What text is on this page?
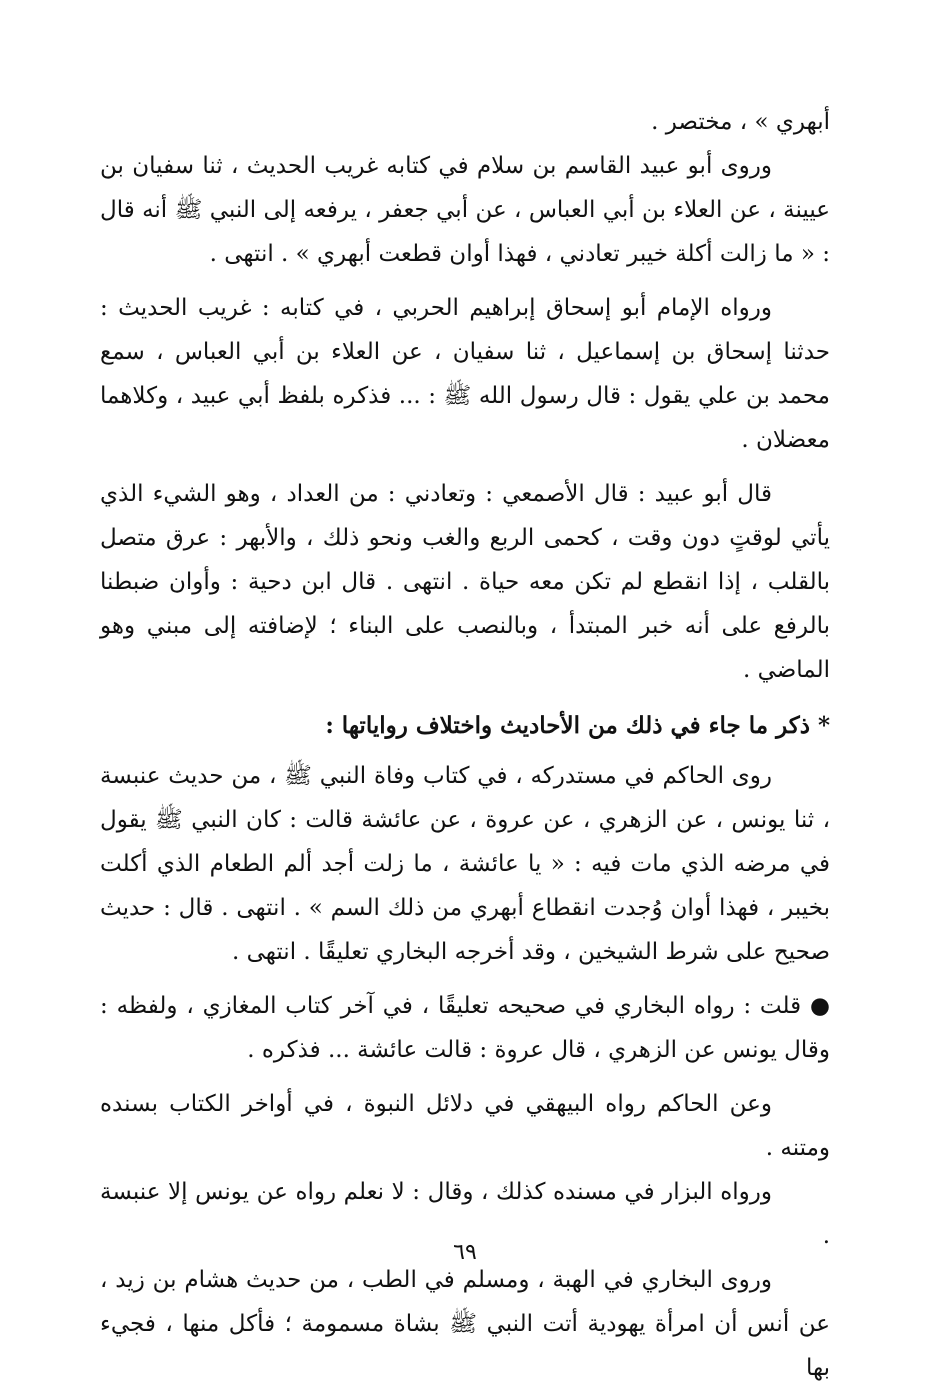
أبهري » ، مختصر .

وروى أبو عبيد القاسم بن سلام في كتابه غريب الحديث ، ثنا سفيان بن عيينة ، عن العلاء بن أبي العباس ، عن أبي جعفر ، يرفعه إلى النبي ﷺ أنه قال : « ما زالت أكلة خيبر تعادني ، فهذا أوان قطعت أبهري » . انتهى .

ورواه الإمام أبو إسحاق إبراهيم الحربي ، في كتابه : غريب الحديث : حدثنا إسحاق بن إسماعيل ، ثنا سفيان ، عن العلاء بن أبي العباس ، سمع محمد بن علي يقول : قال رسول الله ﷺ : ... فذكره بلفظ أبي عبيد ، وكلاهما معضلان .

قال أبو عبيد : قال الأصمعي : وتعادني : من العداد ، وهو الشيء الذي يأتي لوقتٍ دون وقت ، كحمى الربع والغب ونحو ذلك ، والأبهر : عرق متصل بالقلب ، إذا انقطع لم تكن معه حياة . انتهى . قال ابن دحية : وأوان ضبطنا بالرفع على أنه خبر المبتدأ ، وبالنصب على البناء ؛ لإضافته إلى مبني وهو الماضي .

* ذكر ما جاء في ذلك من الأحاديث واختلاف رواياتها :

روى الحاكم في مستدركه ، في كتاب وفاة النبي ﷺ ، من حديث عنبسة ، ثنا يونس ، عن الزهري ، عن عروة ، عن عائشة قالت : كان النبي ﷺ يقول في مرضه الذي مات فيه : « يا عائشة ، ما زلت أجد ألم الطعام الذي أكلت بخيبر ، فهذا أوان وُجدت انقطاع أبهري من ذلك السم » . انتهى . قال : حديث صحيح على شرط الشيخين ، وقد أخرجه البخاري تعليقًا . انتهى .

● قلت : رواه البخاري في صحيحه تعليقًا ، في آخر كتاب المغازي ، ولفظه : وقال يونس عن الزهري ، قال عروة : قالت عائشة ... فذكره .

وعن الحاكم رواه البيهقي في دلائل النبوة ، في أواخر الكتاب بسنده ومتنه .

ورواه البزار في مسنده كذلك ، وقال : لا نعلم رواه عن يونس إلا عنبسة .

وروى البخاري في الهبة ، ومسلم في الطب ، من حديث هشام بن زيد ، عن أنس أن امرأة يهودية أتت النبي ﷺ بشاة مسمومة ؛ فأكل منها ، فجيء بها

٦٩
